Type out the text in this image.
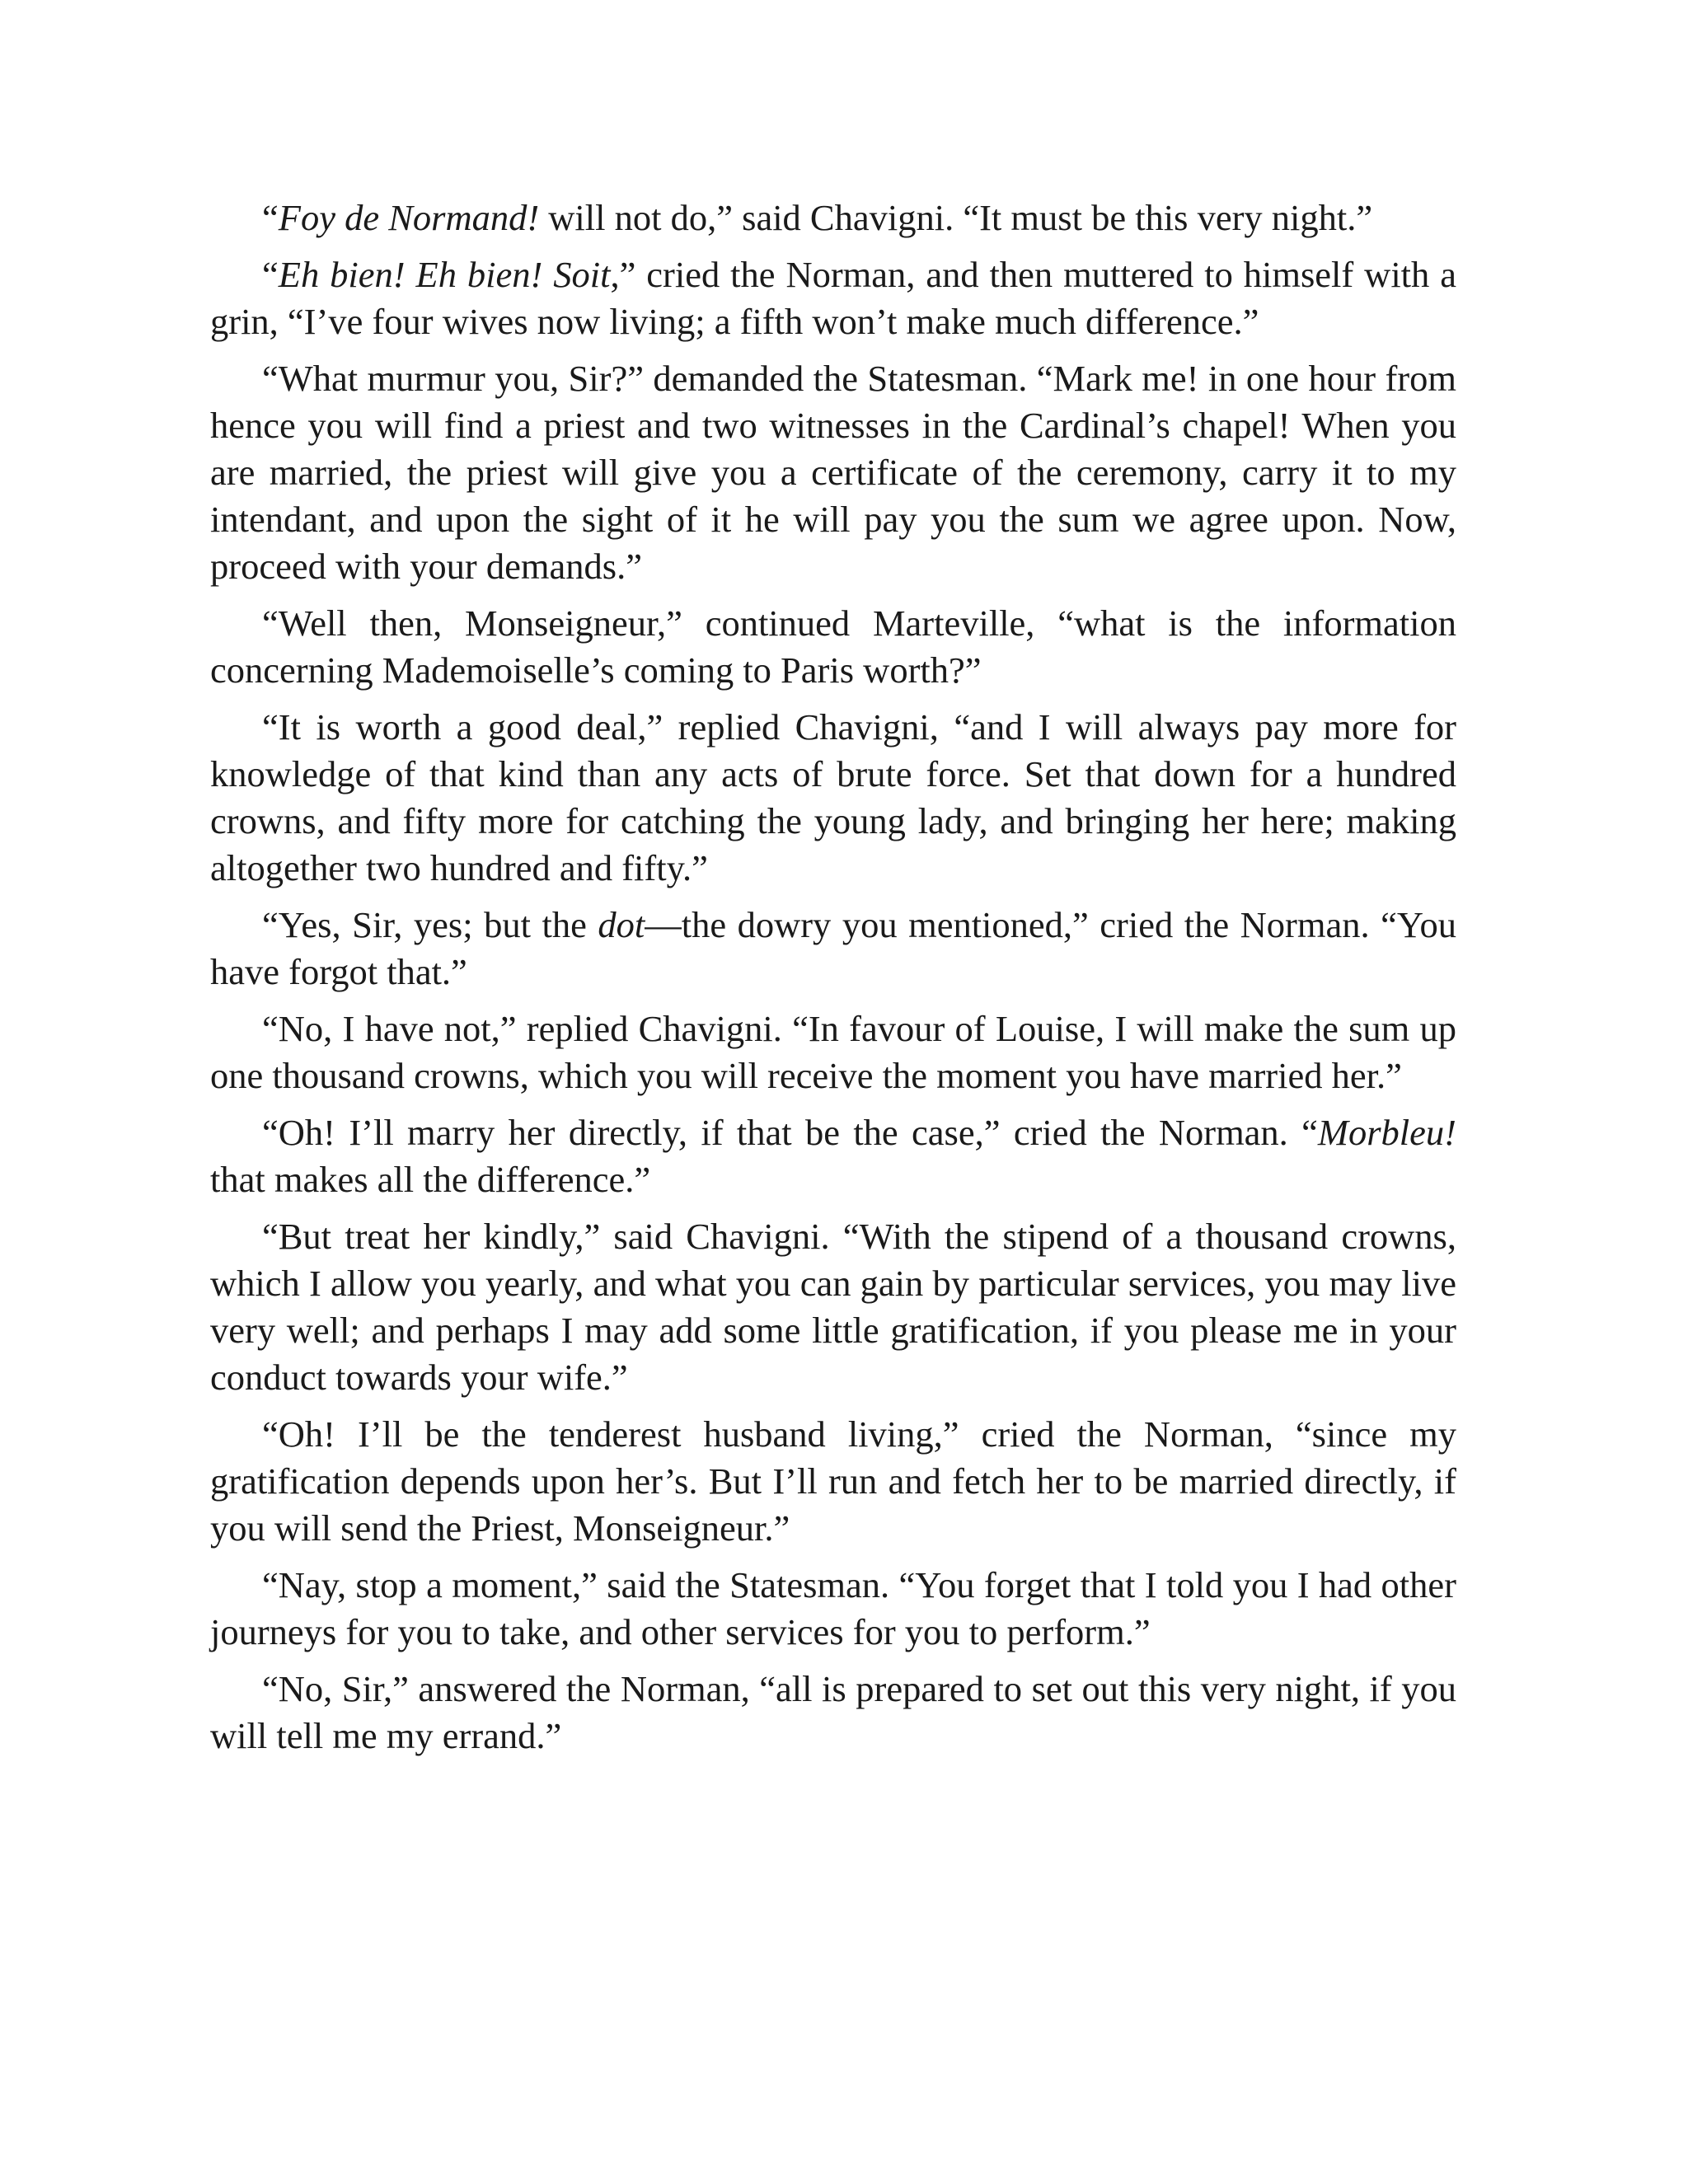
“Foy de Normand! will not do,” said Chavigni. “It must be this very night.”

“Eh bien! Eh bien! Soit,” cried the Norman, and then muttered to himself with a grin, “I’ve four wives now living; a fifth won’t make much difference.”

“What murmur you, Sir?” demanded the Statesman. “Mark me! in one hour from hence you will find a priest and two witnesses in the Cardinal’s chapel! When you are married, the priest will give you a certificate of the ceremony, carry it to my intendant, and upon the sight of it he will pay you the sum we agree upon. Now, proceed with your demands.”

“Well then, Monseigneur,” continued Marteville, “what is the information concerning Mademoiselle’s coming to Paris worth?”

“It is worth a good deal,” replied Chavigni, “and I will always pay more for knowledge of that kind than any acts of brute force. Set that down for a hundred crowns, and fifty more for catching the young lady, and bringing her here; making altogether two hundred and fifty.”

“Yes, Sir, yes; but the dot—the dowry you mentioned,” cried the Norman. “You have forgot that.”

“No, I have not,” replied Chavigni. “In favour of Louise, I will make the sum up one thousand crowns, which you will receive the moment you have married her.”

“Oh! I’ll marry her directly, if that be the case,” cried the Norman. “Morbleu! that makes all the difference.”

“But treat her kindly,” said Chavigni. “With the stipend of a thousand crowns, which I allow you yearly, and what you can gain by particular services, you may live very well; and perhaps I may add some little gratification, if you please me in your conduct towards your wife.”

“Oh! I’ll be the tenderest husband living,” cried the Norman, “since my gratification depends upon her’s. But I’ll run and fetch her to be married directly, if you will send the Priest, Monseigneur.”

“Nay, stop a moment,” said the Statesman. “You forget that I told you I had other journeys for you to take, and other services for you to perform.”

“No, Sir,” answered the Norman, “all is prepared to set out this very night, if you will tell me my errand.”
